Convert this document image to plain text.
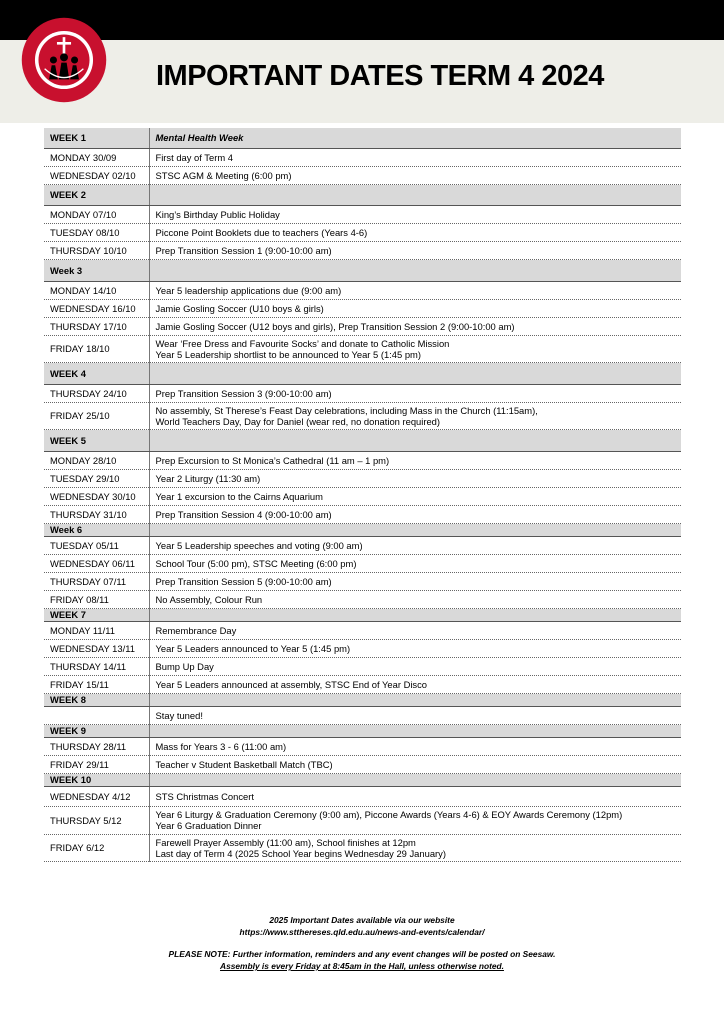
IMPORTANT DATES TERM 4 2024
WEEK 1	Mental Health Week
MONDAY 30/09	First day of Term 4

WEDNESDAY 02/10	STSC AGM & Meeting (6:00 pm)

WEEK 2	
MONDAY 07/10	King’s Birthday Public Holiday

TUESDAY 08/10	Piccone Point Booklets due to teachers (Years 4-6)

THURSDAY 10/10	Prep Transition Session 1 (9:00-10:00 am)

Week 3	
MONDAY 14/10	Year 5 leadership applications due (9:00 am)

WEDNESDAY 16/10	Jamie Gosling Soccer (U10 boys & girls)

THURSDAY 17/10	Jamie Gosling Soccer (U12 boys and girls), Prep Transition Session 2 (9:00-10:00 am)

FRIDAY 18/10	Wear ‘Free Dress and Favourite Socks’ and donate to Catholic Mission
Year 5 Leadership shortlist to be announced to Year 5 (1:45 pm)

WEEK 4	
THURSDAY 24/10	Prep Transition Session 3 (9:00-10:00 am)

FRIDAY 25/10	No assembly, St Therese’s Feast Day celebrations, including Mass in the Church (11:15am),
World Teachers Day, Day for Daniel (wear red, no donation required)

WEEK 5	
MONDAY 28/10	Prep Excursion to St Monica’s Cathedral (11 am – 1 pm)

TUESDAY 29/10	Year 2 Liturgy (11:30 am)

WEDNESDAY 30/10	Year 1 excursion to the Cairns Aquarium

THURSDAY 31/10	Prep Transition Session 4 (9:00-10:00 am)

Week 6	
TUESDAY 05/11	Year 5 Leadership speeches and voting (9:00 am)

WEDNESDAY 06/11	School Tour (5:00 pm), STSC Meeting (6:00 pm)

THURSDAY 07/11	Prep Transition Session 5 (9:00-10:00 am)

FRIDAY 08/11	No Assembly, Colour Run

WEEK 7	
MONDAY 11/11	Remembrance Day

WEDNESDAY 13/11	Year 5 Leaders announced to Year 5 (1:45 pm)

THURSDAY 14/11	Bump Up Day

FRIDAY 15/11	Year 5 Leaders announced at assembly, STSC End of Year Disco

WEEK 8	

	Stay tuned!

WEEK 9	
THURSDAY 28/11	Mass for Years 3 - 6 (11:00 am)

FRIDAY 29/11	Teacher v Student Basketball Match (TBC)

WEEK 10	
WEDNESDAY 4/12	STS Christmas Concert

THURSDAY 5/12	Year 6 Liturgy & Graduation Ceremony (9:00 am), Piccone Awards (Years 4-6) & EOY Awards Ceremony (12pm)
Year 6 Graduation Dinner

FRIDAY 6/12	Farewell Prayer Assembly (11:00 am), School finishes at 12pm
Last day of Term 4 (2025 School Year begins Wednesday 29 January)
2025 Important Dates available via our website
https://www.stthereses.qld.edu.au/news-and-events/calendar/
PLEASE NOTE: Further information, reminders and any event changes will be posted on Seesaw.
Assembly is every Friday at 8:45am in the Hall, unless otherwise noted.
